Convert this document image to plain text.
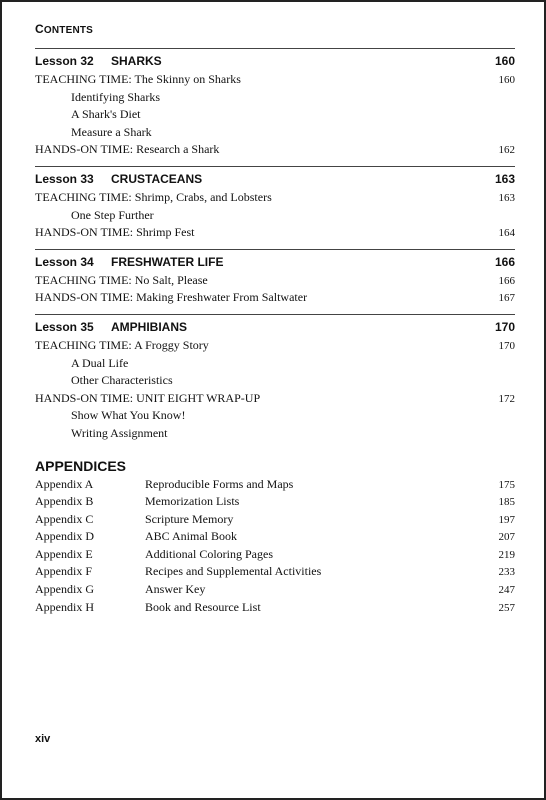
CONTENTS
Lesson 32	SHARKS	160
TEACHING TIME: The Skinny on Sharks	160
Identifying Sharks
A Shark's Diet
Measure a Shark
HANDS-ON TIME: Research a Shark	162
Lesson 33	CRUSTACEANS	163
TEACHING TIME: Shrimp, Crabs, and Lobsters	163
One Step Further
HANDS-ON TIME: Shrimp Fest	164
Lesson 34	FRESHWATER LIFE	166
TEACHING TIME: No Salt, Please	166
HANDS-ON TIME: Making Freshwater From Saltwater	167
Lesson 35	AMPHIBIANS	170
TEACHING TIME: A Froggy Story	170
A Dual Life
Other Characteristics
HANDS-ON TIME: UNIT EIGHT WRAP-UP	172
Show What You Know!
Writing Assignment
APPENDICES
Appendix A	Reproducible Forms and Maps	175
Appendix B	Memorization Lists	185
Appendix C	Scripture Memory	197
Appendix D	ABC Animal Book	207
Appendix E	Additional Coloring Pages	219
Appendix F	Recipes and Supplemental Activities	233
Appendix G	Answer Key	247
Appendix H	Book and Resource List	257
xiv
